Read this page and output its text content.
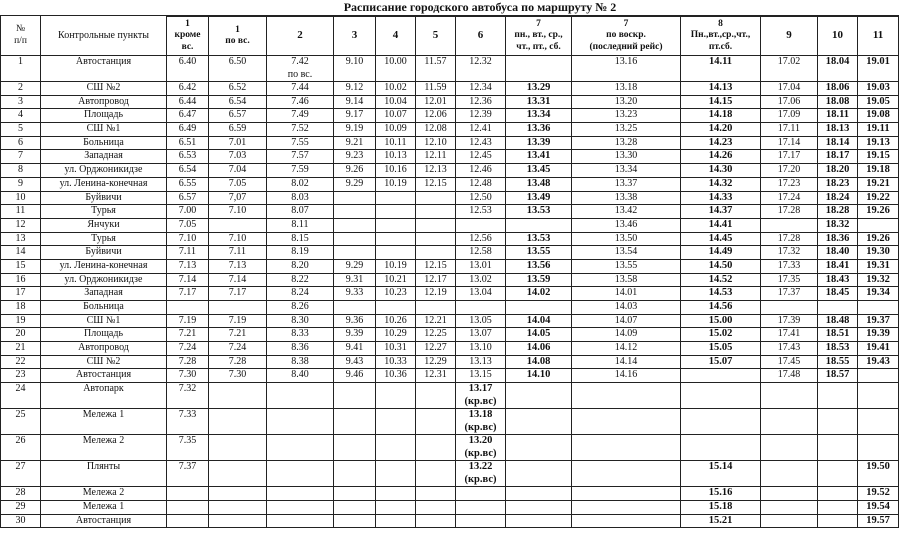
Расписание городского автобуса по маршруту № 2
№
п/п	Контрольные пункты													
		1
кроме
вс.	1
по вс.	2	3	4	5	6	7
пн., вт., ср.,
чт., пт., сб.	7
по воскр.
(последний рейс)	8
Пн.,вт.,ср.,чт.,
пт.сб.	9	10	11
1	Автостанция	6.40	6.50	7.42
по вс.	9.10	10.00	11.57	12.32		13.16	14.11	17.02	18.04	19.01
2	СШ №2	6.42	6.52	7.44	9.12	10.02	11.59	12.34	13.29	13.18	14.13	17.04	18.06	19.03
3	Автопровод	6.44	6.54	7.46	9.14	10.04	12.01	12.36	13.31	13.20	14.15	17.06	18.08	19.05
4	Площадь	6.47	6.57	7.49	9.17	10.07	12.06	12.39	13.34	13.23	14.18	17.09	18.11	19.08
5	СШ №1	6.49	6.59	7.52	9.19	10.09	12.08	12.41	13.36	13.25	14.20	17.11	18.13	19.11
6	Больница	6.51	7.01	7.55	9.21	10.11	12.10	12.43	13.39	13.28	14.23	17.14	18.14	19.13
7	Западная	6.53	7.03	7.57	9.23	10.13	12.11	12.45	13.41	13.30	14.26	17.17	18.17	19.15
8	ул. Орджоникидзе	6.54	7.04	7.59	9.26	10.16	12.13	12.46	13.45	13.34	14.30	17.20	18.20	19.18
9	ул. Ленина-конечная	6.55	7.05	8.02	9.29	10.19	12.15	12.48	13.48	13.37	14.32	17.23	18.23	19.21
10	Буйвичи	6.57	7,07	8.03				12.50	13.49	13.38	14.33	17.24	18.24	19.22
11	Турья	7.00	7.10	8.07				12.53	13.53	13.42	14.37	17.28	18.28	19.26
12	Янчуки	7.05		8.11						13.46	14.41		18.32	
13	Турья	7.10	7.10	8.15				12.56	13.53	13.50	14.45	17.28	18.36	19.26
14	Буйвичи	7.11	7.11	8.19				12.58	13.55	13.54	14.49	17.32	18.40	19.30
15	ул. Ленина-конечная	7.13	7.13	8.20	9.29	10.19	12.15	13.01	13.56	13.55	14.50	17.33	18.41	19.31
16	ул. Орджоникидзе	7.14	7.14	8.22	9.31	10.21	12.17	13.02	13.59	13.58	14.52	17.35	18.43	19.32
17	Западная	7.17	7.17	8.24	9.33	10.23	12.19	13.04	14.02	14.01	14.53	17.37	18.45	19.34
18	Больница			8.26						14.03	14.56			
19	СШ №1	7.19	7.19	8.30	9.36	10.26	12.21	13.05	14.04	14.07	15.00	17.39	18.48	19.37
20	Площадь	7.21	7.21	8.33	9.39	10.29	12.25	13.07	14.05	14.09	15.02	17.41	18.51	19.39
21	Автопровод	7.24	7.24	8.36	9.41	10.31	12.27	13.10	14.06	14.12	15.05	17.43	18.53	19.41
22	СШ №2	7.28	7.28	8.38	9.43	10.33	12.29	13.13	14.08	14.14	15.07	17.45	18.55	19.43
23	Автостанция	7.30	7.30	8.40	9.46	10.36	12.31	13.15	14.10	14.16		17.48	18.57	
24	Автопарк	7.32						13.17
(кр.вс)						
25	Мележа 1	7.33						13.18
(кр.вс)						
26	Мележа 2	7.35						13.20
(кр.вс)						
27	Плянты	7.37						13.22
(кр.вс)			15.14			19.50
28	Мележа 2										15.16			19.52
29	Мележа 1										15.18			19.54
30	Автостанция										15.21			19.57
